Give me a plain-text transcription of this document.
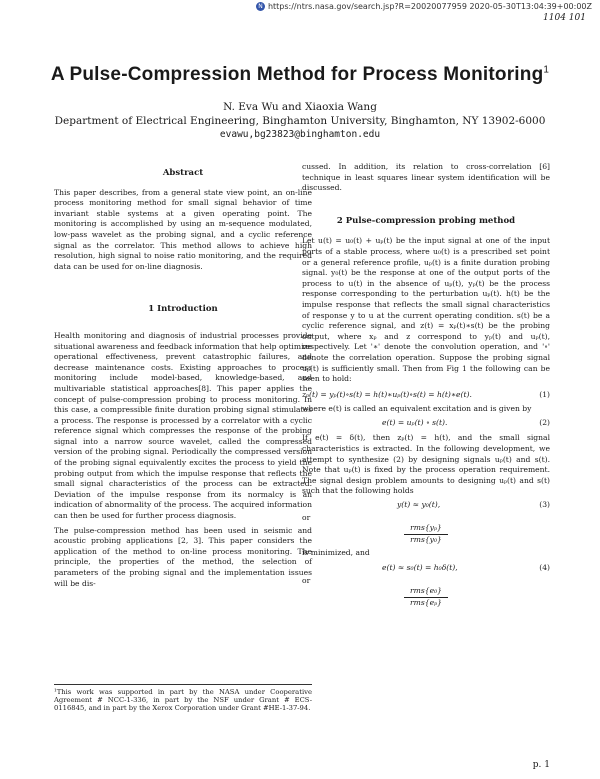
N https://ntrs.nasa.gov/search.jsp?R=20020077959 2020-05-30T13:04:39+00:00Z
1104 101
A Pulse-Compression Method for Process Monitoring$^1$
N. Eva Wu and Xiaoxia Wang
Department of Electrical Engineering, Binghamton University, Binghamton, NY 13902-6000
evawu,bg23823@binghamton.edu

Abstract

This paper describes, from a general state view point, an on-line process monitoring method for small signal behavior of time invariant stable systems at a given operating point. The monitoring is accomplished by using an m-sequence modulated, low-pass wavelet as the probing signal, and a cyclic reference signal as the correlator. This method allows to achieve high resolution, high signal to noise ratio monitoring, and the required data can be used for on-line diagnosis.

1 Introduction

Health monitoring and diagnosis of industrial processes provide situational awareness and feedback information that help optimize operational effectiveness, prevent catastrophic failures, and decrease maintenance costs. Existing approaches to process monitoring include model-based, knowledge-based, and multivariable statistical approaches[8]. This paper applies the concept of pulse-compression probing to process monitoring. In this case, a compressible finite duration probing signal stimulates a process. The response is processed by a correlator with a cyclic reference signal which compresses the response of the probing signal into a narrow source wavelet, called the compressed version of the probing signal. Periodically the compressed version of the probing signal equivalently excites the process to yield the probing output from which the impulse response that reflects the small signal characteristics of the process can be extracted. Deviation of the impulse response from its normalcy is an indication of abnormality of the process. The acquired information can then be used for further process diagnosis.

The pulse-compression method has been used in seismic and acoustic probing applications [2, 3]. This paper considers the application of the method to on-line process monitoring. The principle, the properties of the method, the selection of parameters of the probing signal and the implementation issues will be dis-

¹This work was supported in part by the NASA under Cooperative Agreement # NCC-1-336, in part by the NSF under Grant # ECS-0116845, and in part by the Xerox Corporation under Grant #HE-1-37-94.

cussed. In addition, its relation to cross-correlation [6] technique in least squares linear system identification will be discussed.

2 Pulse-compression probing method

Let u(t) = u₀(t) + uₚ(t) be the input signal at one of the input ports of a stable process, where u₀(t) is a prescribed set point or a general reference profile, uₚ(t) is a finite duration probing signal. y₀(t) be the response at one of the output ports of the process to u(t) in the absence of uₚ(t), yₚ(t) be the process response corresponding to the perturbation uₚ(t). h(t) be the impulse response that reflects the small signal characteristics of response y to u at the current operating condition. s(t) be a cyclic reference signal, and z(t) = xₚ(t)∗s(t) be the probing output, where xₚ and z correspond to yₚ(t) and uₚ(t), respectively. Let '∗' denote the convolution operation, and '∘' denote the correlation operation. Suppose the probing signal uₚ(t) is sufficiently small. Then from Fig 1 the following can be seen to hold:

zₚ(t) = yₚ(t)∘s(t) = h(t)∗uₚ(t)∘s(t) = h(t)∗e(t).	(1)

where e(t) is called an equivalent excitation and is given by

e(t) = uₚ(t) ∘ s(t).	(2)

If e(t) = δ(t), then zₚ(t) = h(t), and the small signal characteristics is extracted. In the following development, we attempt to synthesize (2) by designing signals uₚ(t) and s(t). Note that uₚ(t) is fixed by the process operation requirement. The signal design problem amounts to designing uₚ(t) and s(t) such that the following holds

y(t) ≈ y₀(t),	(3)

or

$\frac{\text{rms\{yₚ\}}}{\text{rms\{y₀\}}}$

is minimized, and

e(t) ≈ s₀(t) = h₀δ(t),	(4)

or

$\frac{\text{rms\{e₀\}}}{\text{rms\{eₚ\}}}$
p. 1
